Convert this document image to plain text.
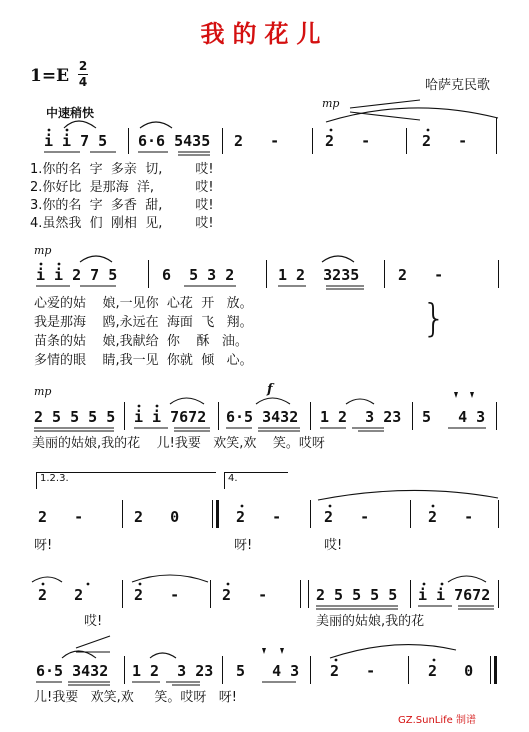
我的花儿
1=E 2
4	哈萨克民歌
中速稍快
mp
mp
mp	f
i i 7 5 6·6 5435 2   -	2   -	2   -
1.你的名  字  多亲  切,        哎!
2.你好比  是那海  洋,          哎!
3.你的名  字  多香  甜,        哎!
4.虽然我  们  刚相  见,        哎!
i i 2 7 5	6  5 3 2	1 2  3235	2   -
心爱的姑    娘,一见你  心花  开   放。
我是那海    鸥,永远在  海面  飞   翔。
苗条的姑    娘,我献给  你    酥   油。
多情的眼    睛,我一见  你就  倾   心。
}
2 5 5 5 5 i i 7672 6·5 3432 1 2  3 23 5   4 3
美丽的姑娘,我的花    儿!我要   欢笑,欢    笑。哎呀
1.2.3.	4.
2   -	2   0	2   -	2   -	2   -
呀!	呀!	哎!
2   2	2   -	2   -	2 5 5 5 5 i i 7672
哎!	美丽的姑娘,我的花
6·5 3432 1 2  3 23 5   4 3 2   -	2   0
儿!我要   欢笑,欢     笑。哎呀   呀!
GZ.SunLife 制谱
